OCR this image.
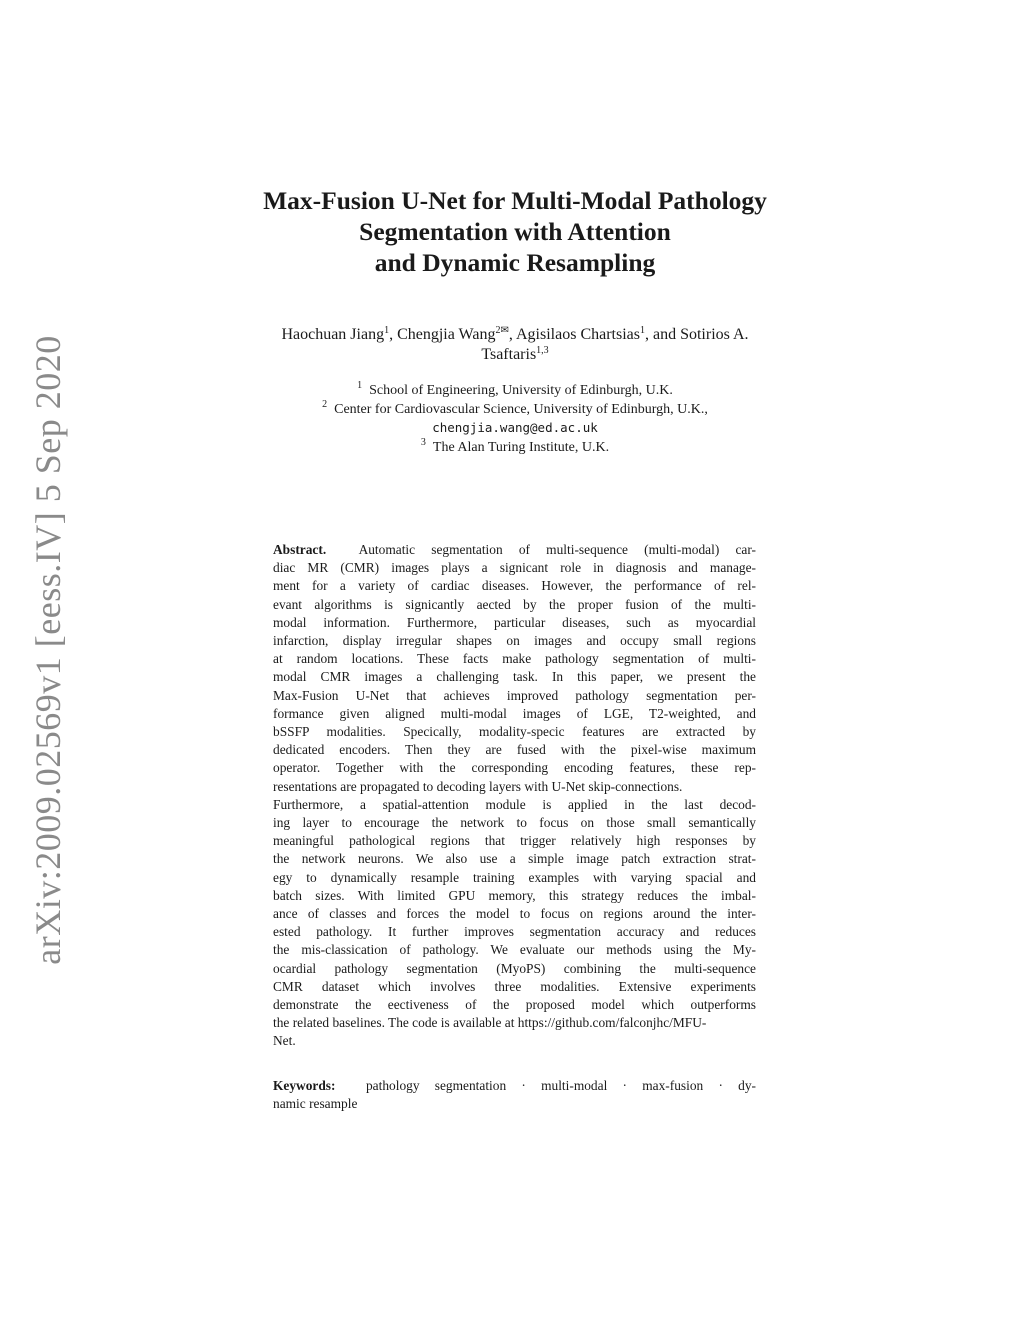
arXiv:2009.02569v1 [eess.IV] 5 Sep 2020
Max-Fusion U-Net for Multi-Modal Pathology
Segmentation with Attention
and Dynamic Resampling
Haochuan Jiang$^1$, Chengjia Wang$^{2✉}$, Agisilaos Chartsias$^1$, and Sotirios A.
Tsaftaris$^{1,3}$
$^1$ School of Engineering, University of Edinburgh, U.K.
$^2$ Center for Cardiovascular Science, University of Edinburgh, U.K.,
chengjia.wang@ed.ac.uk
$^3$ The Alan Turing Institute, U.K.
Abstract. Automatic segmentation of multi-sequence (multi-modal) car-
diac MR (CMR) images plays a signicant role in diagnosis and manage-
ment for a variety of cardiac diseases. However, the performance of rel-
evant algorithms is signicantly aected by the proper fusion of the multi-
modal information. Furthermore, particular diseases, such as myocardial
infarction, display irregular shapes on images and occupy small regions
at random locations. These facts make pathology segmentation of multi-
modal CMR images a challenging task. In this paper, we present the
Max-Fusion U-Net that achieves improved pathology segmentation per-
formance given aligned multi-modal images of LGE, T2-weighted, and
bSSFP modalities. Specically, modality-specic features are extracted by
dedicated encoders. Then they are fused with the pixel-wise maximum
operator. Together with the corresponding encoding features, these rep-
resentations are propagated to decoding layers with U-Net skip-connections.
Furthermore, a spatial-attention module is applied in the last decod-
ing layer to encourage the network to focus on those small semantically
meaningful pathological regions that trigger relatively high responses by
the network neurons. We also use a simple image patch extraction strat-
egy to dynamically resample training examples with varying spacial and
batch sizes. With limited GPU memory, this strategy reduces the imbal-
ance of classes and forces the model to focus on regions around the inter-
ested pathology. It further improves segmentation accuracy and reduces
the mis-classication of pathology. We evaluate our methods using the My-
ocardial pathology segmentation (MyoPS) combining the multi-sequence
CMR dataset which involves three modalities. Extensive experiments
demonstrate the eectiveness of the proposed model which outperforms
the related baselines. The code is available at https://github.com/falconjhc/MFU-
Net.
Keywords: pathology segmentation · multi-modal · max-fusion · dy-
namic resample
